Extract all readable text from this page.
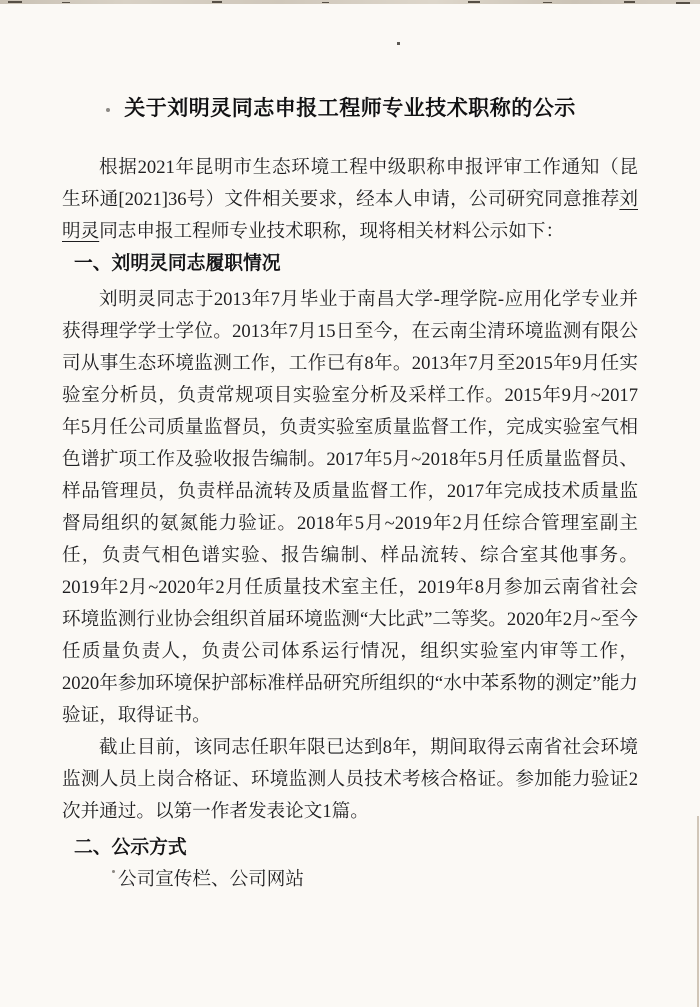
关于刘明灵同志申报工程师专业技术职称的公示

根据2021年昆明市生态环境工程中级职称申报评审工作通知（昆生环通[2021]36号）文件相关要求，经本人申请，公司研究同意推荐刘明灵同志申报工程师专业技术职称，现将相关材料公示如下：

一、刘明灵同志履职情况

刘明灵同志于2013年7月毕业于南昌大学-理学院-应用化学专业并获得理学学士学位。2013年7月15日至今，在云南尘清环境监测有限公司从事生态环境监测工作，工作已有8年。2013年7月至2015年9月任实验室分析员，负责常规项目实验室分析及采样工作。2015年9月~2017年5月任公司质量监督员，负责实验室质量监督工作，完成实验室气相色谱扩项工作及验收报告编制。2017年5月~2018年5月任质量监督员、样品管理员，负责样品流转及质量监督工作，2017年完成技术质量监督局组织的氨氮能力验证。2018年5月~2019年2月任综合管理室副主任，负责气相色谱实验、报告编制、样品流转、综合室其他事务。2019年2月~2020年2月任质量技术室主任，2019年8月参加云南省社会环境监测行业协会组织首届环境监测“大比武”二等奖。2020年2月~至今任质量负责人，负责公司体系运行情况，组织实验室内审等工作，2020年参加环境保护部标准样品研究所组织的“水中苯系物的测定”能力验证，取得证书。

截止目前，该同志任职年限已达到8年，期间取得云南省社会环境监测人员上岗合格证、环境监测人员技术考核合格证。参加能力验证2次并通过。以第一作者发表论文1篇。

二、公示方式

公司宣传栏、公司网站
